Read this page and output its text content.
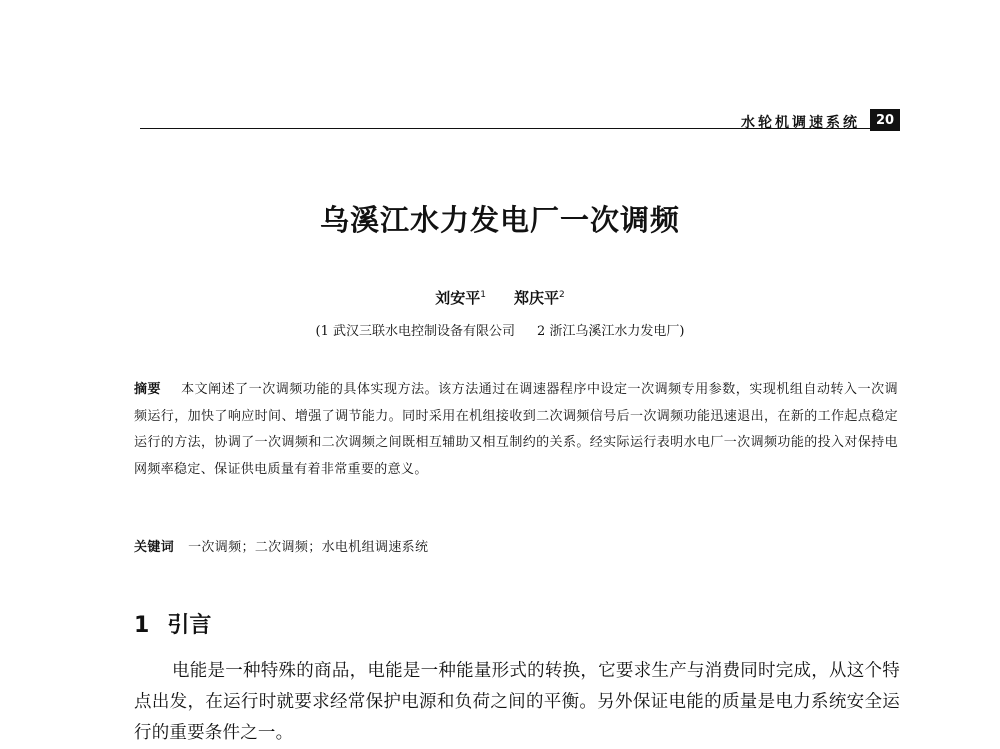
水轮机调速系统	20
乌溪江水力发电厂一次调频
刘安平$^1$ 郑庆平$^2$
(1 武汉三联水电控制设备有限公司 2 浙江乌溪江水力发电厂)
摘要 本文阐述了一次调频功能的具体实现方法。该方法通过在调速器程序中设定一次调频专用参数，实现机组自动转入一次调频运行，加快了响应时间、增强了调节能力。同时采用在机组接收到二次调频信号后一次调频功能迅速退出，在新的工作起点稳定运行的方法，协调了一次调频和二次调频之间既相互辅助又相互制约的关系。经实际运行表明水电厂一次调频功能的投入对保持电网频率稳定、保证供电质量有着非常重要的意义。
关键词 一次调频；二次调频；水电机组调速系统
1 引言
电能是一种特殊的商品，电能是一种能量形式的转换，它要求生产与消费同时完成，从这个特点出发，在运行时就要求经常保护电源和负荷之间的平衡。另外保证电能的质量是电力系统安全运行的重要条件之一。
